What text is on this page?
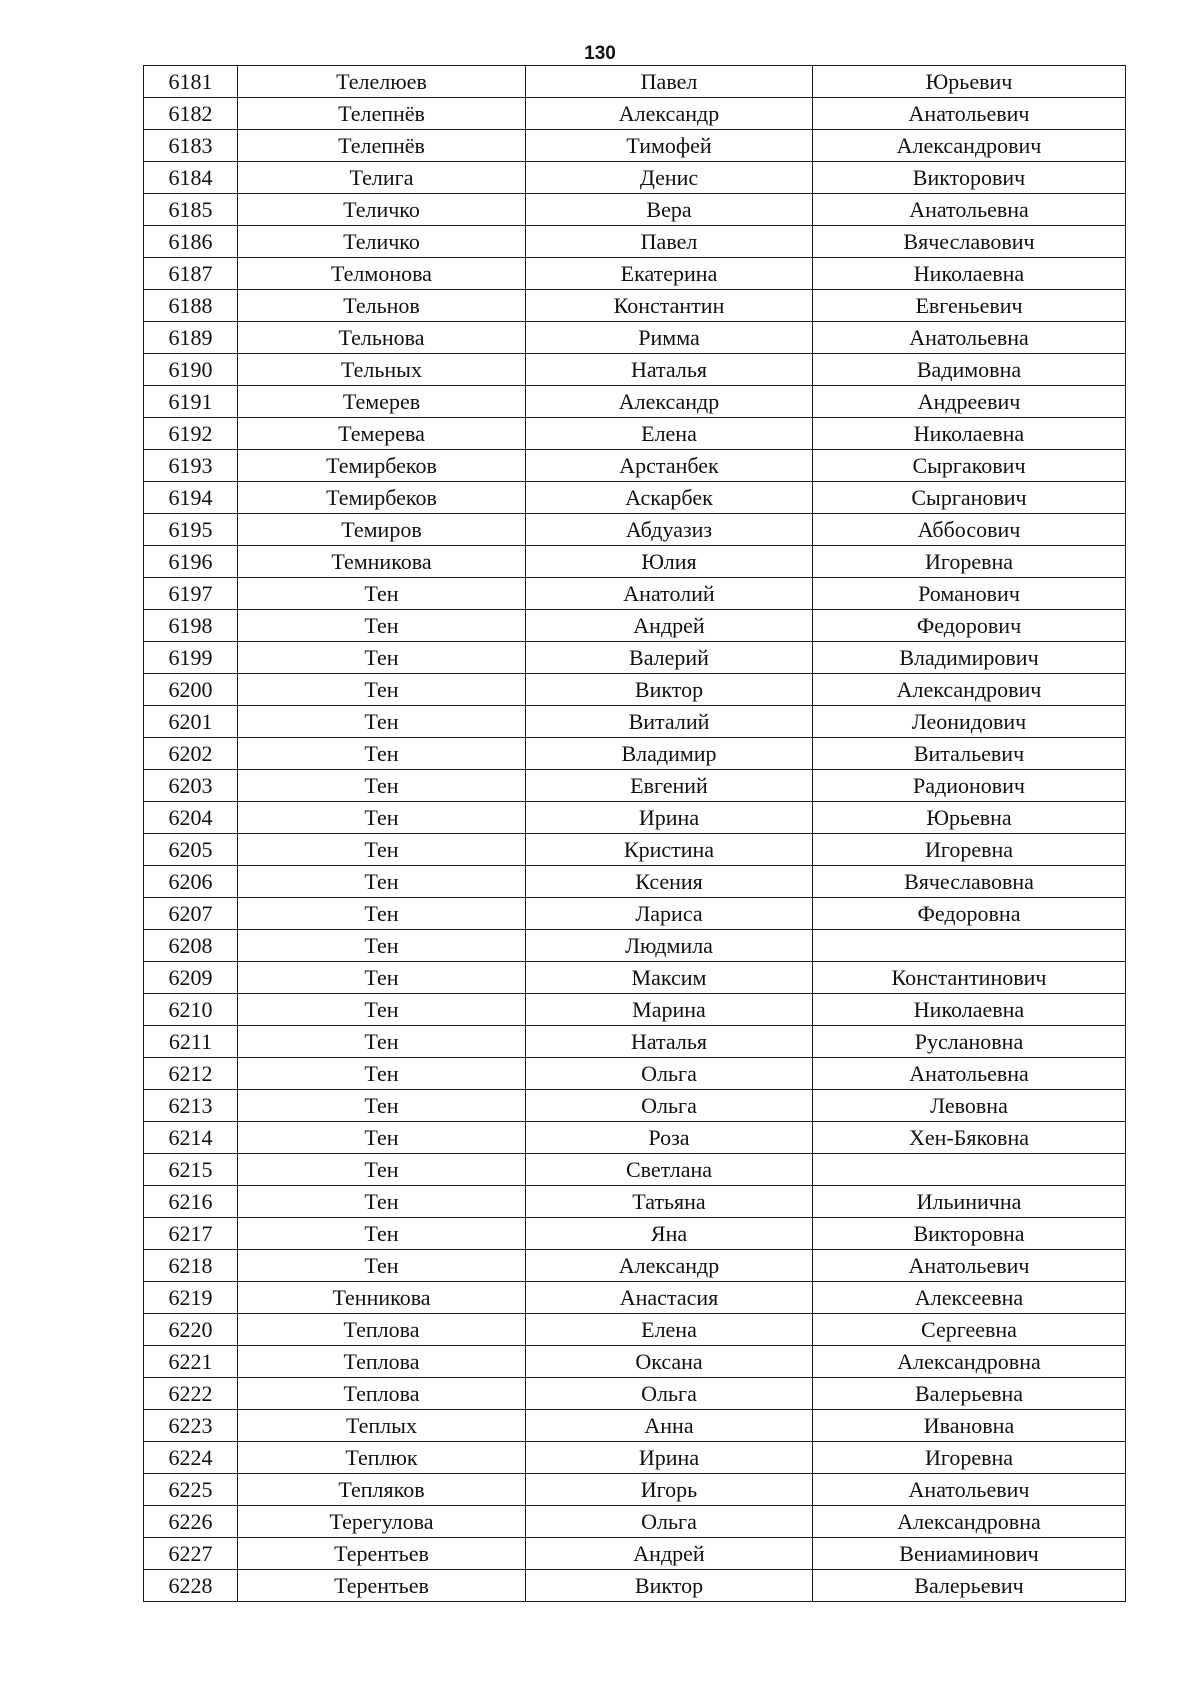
130
6181	Телелюев	Павел	Юрьевич
6182	Телепнёв	Александр	Анатольевич
6183	Телепнёв	Тимофей	Александрович
6184	Телига	Денис	Викторович
6185	Теличко	Вера	Анатольевна
6186	Теличко	Павел	Вячеславович
6187	Телмонова	Екатерина	Николаевна
6188	Тельнов	Константин	Евгеньевич
6189	Тельнова	Римма	Анатольевна
6190	Тельных	Наталья	Вадимовна
6191	Темерев	Александр	Андреевич
6192	Темерева	Елена	Николаевна
6193	Темирбеков	Арстанбек	Сыргакович
6194	Темирбеков	Аскарбек	Сырганович
6195	Темиров	Абдуазиз	Аббосович
6196	Темникова	Юлия	Игоревна
6197	Тен	Анатолий	Романович
6198	Тен	Андрей	Федорович
6199	Тен	Валерий	Владимирович
6200	Тен	Виктор	Александрович
6201	Тен	Виталий	Леонидович
6202	Тен	Владимир	Витальевич
6203	Тен	Евгений	Радионович
6204	Тен	Ирина	Юрьевна
6205	Тен	Кристина	Игоревна
6206	Тен	Ксения	Вячеславовна
6207	Тен	Лариса	Федоровна
6208	Тен	Людмила	
6209	Тен	Максим	Константинович
6210	Тен	Марина	Николаевна
6211	Тен	Наталья	Руслановна
6212	Тен	Ольга	Анатольевна
6213	Тен	Ольга	Левовна
6214	Тен	Роза	Хен-Бяковна
6215	Тен	Светлана	
6216	Тен	Татьяна	Ильинична
6217	Тен	Яна	Викторовна
6218	Тен	Александр	Анатольевич
6219	Тенникова	Анастасия	Алексеевна
6220	Теплова	Елена	Сергеевна
6221	Теплова	Оксана	Александровна
6222	Теплова	Ольга	Валерьевна
6223	Теплых	Анна	Ивановна
6224	Теплюк	Ирина	Игоревна
6225	Тепляков	Игорь	Анатольевич
6226	Терегулова	Ольга	Александровна
6227	Терентьев	Андрей	Вениаминович
6228	Терентьев	Виктор	Валерьевич
